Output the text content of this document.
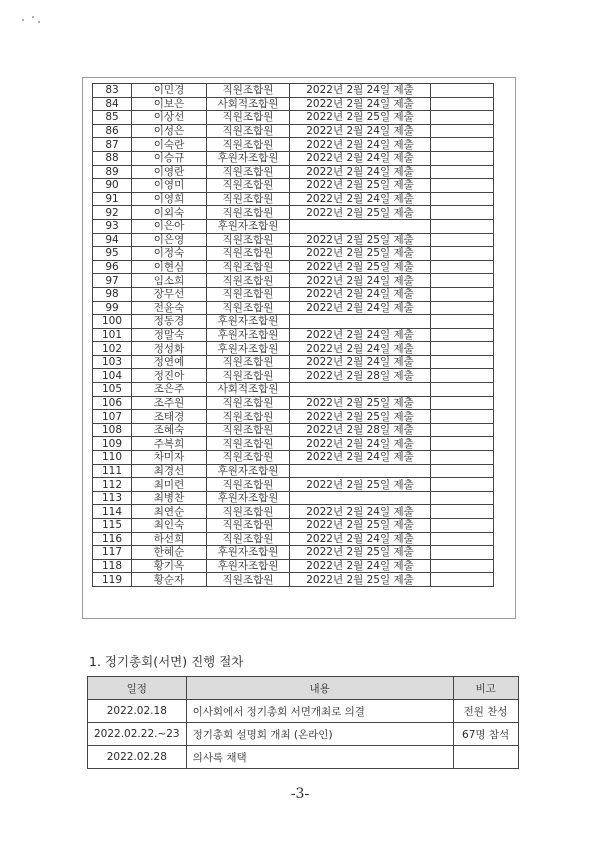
83	이민경	직원조합원	2022년 2월 24일 제출	
84	이보은	사회적조합원	2022년 2월 24일 제출	
85	이상선	직원조합원	2022년 2월 25일 제출	
86	이성은	직원조합원	2022년 2월 24일 제출	
87	이숙란	직원조합원	2022년 2월 24일 제출	
88	이승규	후원자조합원	2022년 2월 24일 제출	
89	이영란	직원조합원	2022년 2월 24일 제출	
90	이영미	직원조합원	2022년 2월 25일 제출	
91	이영희	직원조합원	2022년 2월 24일 제출	
92	이외숙	직원조합원	2022년 2월 25일 제출	
93	이은아	후원자조합원		
94	이은영	직원조합원	2022년 2월 25일 제출	
95	이정숙	직원조합원	2022년 2월 25일 제출	
96	이현심	직원조합원	2022년 2월 25일 제출	
97	임소희	직원조합원	2022년 2월 24일 제출	
98	장무선	직원조합원	2022년 2월 24일 제출	
99	전윤숙	직원조합원	2022년 2월 24일 제출	
100	정동경	후원자조합원		
101	정말숙	후원자조합원	2022년 2월 24일 제출	
102	정성화	후원자조합원	2022년 2월 24일 제출	
103	정연예	직원조합원	2022년 2월 24일 제출	
104	정진아	직원조합원	2022년 2월 28일 제출	
105	조은주	사회적조합원		
106	조주원	직원조합원	2022년 2월 25일 제출	
107	조태경	직원조합원	2022년 2월 25일 제출	
108	조혜숙	직원조합원	2022년 2월 28일 제출	
109	주복희	직원조합원	2022년 2월 24일 제출	
110	차미자	직원조합원	2022년 2월 24일 제출	
111	최경선	후원자조합원		
112	최미련	직원조합원	2022년 2월 25일 제출	
113	최병찬	후원자조합원		
114	최연순	직원조합원	2022년 2월 24일 제출	
115	최인숙	직원조합원	2022년 2월 25일 제출	
116	하선희	직원조합원	2022년 2월 24일 제출	
117	한혜순	후원자조합원	2022년 2월 25일 제출	
118	황기옥	후원자조합원	2022년 2월 24일 제출	
119	황순자	직원조합원	2022년 2월 25일 제출	
1. 정기총회(서면) 진행 절차
일정	내용	비고
2022.02.18	이사회에서 정기총회 서면개최로 의결	전원 찬성
2022.02.22.~23	정기총회 설명회 개최 (온라인)	67명 참석
2022.02.28	의사록 채택	
-3-
